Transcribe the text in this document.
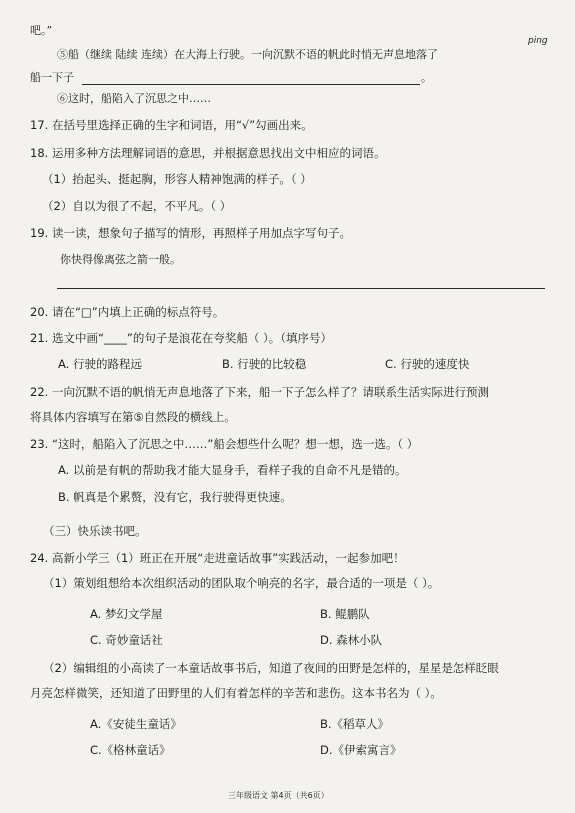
吧。”
⑤船（继续 陆续 连续）在大海上行驶。一向沉默不语的帆此时悄无声息地落了
ping
船一下子	。
⑥这时，船陷入了沉思之中……
17. 在括号里选择正确的生字和词语，用“√”勾画出来。
18. 运用多种方法理解词语的意思，并根据意思找出文中相应的词语。
（1）抬起头、挺起胸，形容人精神饱满的样子。（ ）
（2）自以为很了不起，不平凡。（ ）
19. 读一读，想象句子描写的情形，再照样子用加点字写句子。
你快得像离弦之箭一般。
20. 请在“□”内填上正确的标点符号。
21. 选文中画“____”的句子是浪花在夸奖船（ ）。（填序号）
A. 行驶的路程远	B. 行驶的比较稳	C. 行驶的速度快
22. 一向沉默不语的帆悄无声息地落了下来，船一下子怎么样了？请联系生活实际进行预测
将具体内容填写在第⑤自然段的横线上。
23. “这时，船陷入了沉思之中……”船会想些什么呢？想一想，选一选。（ ）
A. 以前是有帆的帮助我才能大显身手，看样子我的自命不凡是错的。
B. 帆真是个累赘，没有它，我行驶得更快速。
（三）快乐读书吧。
24. 高新小学三（1）班正在开展“走进童话故事”实践活动，一起参加吧！
（1）策划组想给本次组织活动的团队取个响亮的名字，最合适的一项是（ ）。
A. 梦幻文学屋	B. 鲲鹏队
C. 奇妙童话社	D. 森林小队
（2）编辑组的小高读了一本童话故事书后，知道了夜间的田野是怎样的，星星是怎样眨眼
月亮怎样微笑，还知道了田野里的人们有着怎样的辛苦和悲伤。这本书名为（ ）。
A.《安徒生童话》	B.《稻草人》
C.《格林童话》	D.《伊索寓言》
三年级语文 第4页（共6页）
